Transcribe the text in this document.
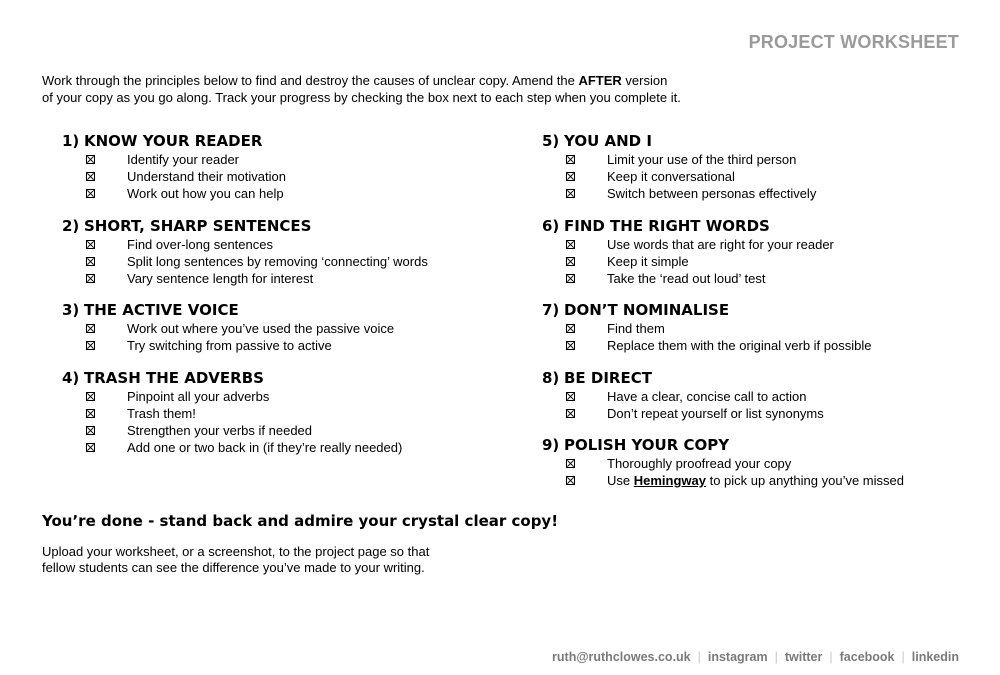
PROJECT WORKSHEET
Work through the principles below to find and destroy the causes of unclear copy. Amend the AFTER version
of your copy as you go along. Track your progress by checking the box next to each step when you complete it.
1) KNOW YOUR READER
Identify your reader
Understand their motivation
Work out how you can help
2) SHORT, SHARP SENTENCES
Find over-long sentences
Split long sentences by removing ‘connecting’ words
Vary sentence length for interest
3) THE ACTIVE VOICE
Work out where you’ve used the passive voice
Try switching from passive to active
4) TRASH THE ADVERBS
Pinpoint all your adverbs
Trash them!
Strengthen your verbs if needed
Add one or two back in (if they’re really needed)
5) YOU AND I
Limit your use of the third person
Keep it conversational
Switch between personas effectively
6) FIND THE RIGHT WORDS
Use words that are right for your reader
Keep it simple
Take the ‘read out loud’ test
7) DON’T NOMINALISE
Find them
Replace them with the original verb if possible
8) BE DIRECT
Have a clear, concise call to action
Don’t repeat yourself or list synonyms
9) POLISH YOUR COPY
Thoroughly proofread your copy
Use Hemingway to pick up anything you’ve missed
You’re done - stand back and admire your crystal clear copy!
Upload your worksheet, or a screenshot, to the project page so that
fellow students can see the difference you’ve made to your writing.
ruth@ruthclowes.co.uk | instagram | twitter | facebook | linkedin
